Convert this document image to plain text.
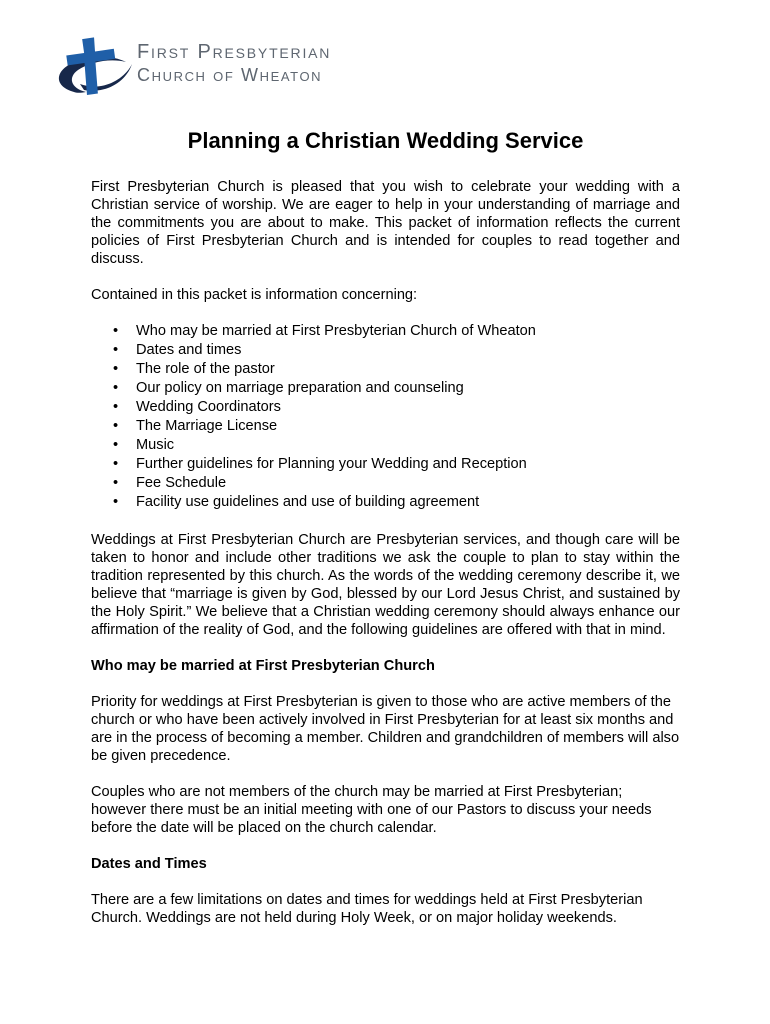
First Presbyterian
Church of Wheaton
Planning a Christian Wedding Service

First Presbyterian Church is pleased that you wish to celebrate your wedding with a Christian service of worship. We are eager to help in your understanding of marriage and the commitments you are about to make. This packet of information reflects the current policies of First Presbyterian Church and is intended for couples to read together and discuss.

Contained in this packet is information concerning:

• Who may be married at First Presbyterian Church of Wheaton
• Dates and times
• The role of the pastor
• Our policy on marriage preparation and counseling
• Wedding Coordinators
• The Marriage License
• Music
• Further guidelines for Planning your Wedding and Reception
• Fee Schedule
• Facility use guidelines and use of building agreement

Weddings at First Presbyterian Church are Presbyterian services, and though care will be taken to honor and include other traditions we ask the couple to plan to stay within the tradition represented by this church. As the words of the wedding ceremony describe it, we believe that “marriage is given by God, blessed by our Lord Jesus Christ, and sustained by the Holy Spirit.” We believe that a Christian wedding ceremony should always enhance our affirmation of the reality of God, and the following guidelines are offered with that in mind.

Who may be married at First Presbyterian Church

Priority for weddings at First Presbyterian is given to those who are active members of the church or who have been actively involved in First Presbyterian for at least six months and are in the process of becoming a member. Children and grandchildren of members will also be given precedence.

Couples who are not members of the church may be married at First Presbyterian; however there must be an initial meeting with one of our Pastors to discuss your needs before the date will be placed on the church calendar.

Dates and Times

There are a few limitations on dates and times for weddings held at First Presbyterian Church. Weddings are not held during Holy Week, or on major holiday weekends.
